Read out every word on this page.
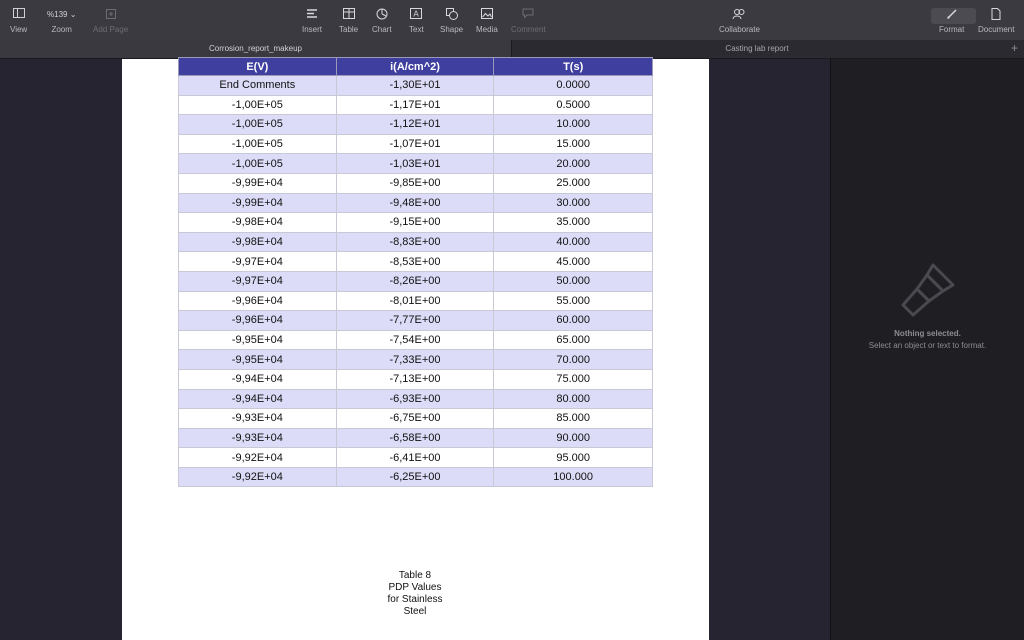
View
%139 ⌄
Zoom	Add Page	Insert Table Chart
A
Text Shape Media Comment	Collaborate	Format Document
Corrosion_report_makeup	Casting lab report	+
E(V)	i(A/cm^2)	T(s)
End Comments	-1,30E+01	0.0000
-1,00E+05	-1,17E+01	0.5000
-1,00E+05	-1,12E+01	10.000
-1,00E+05	-1,07E+01	15.000
-1,00E+05	-1,03E+01	20.000
-9,99E+04	-9,85E+00	25.000
-9,99E+04	-9,48E+00	30.000
-9,98E+04	-9,15E+00	35.000
-9,98E+04	-8,83E+00	40.000
-9,97E+04	-8,53E+00	45.000
-9,97E+04	-8,26E+00	50.000
-9,96E+04	-8,01E+00	55.000
-9,96E+04	-7,77E+00	60.000
-9,95E+04	-7,54E+00	65.000
-9,95E+04	-7,33E+00	70.000
-9,94E+04	-7,13E+00	75.000
-9,94E+04	-6,93E+00	80.000
-9,93E+04	-6,75E+00	85.000
-9,93E+04	-6,58E+00	90.000
-9,92E+04	-6,41E+00	95.000
-9,92E+04	-6,25E+00	100.000
Table 8
PDP Values
for Stainless
Steel
Nothing selected.
Select an object or text to format.
